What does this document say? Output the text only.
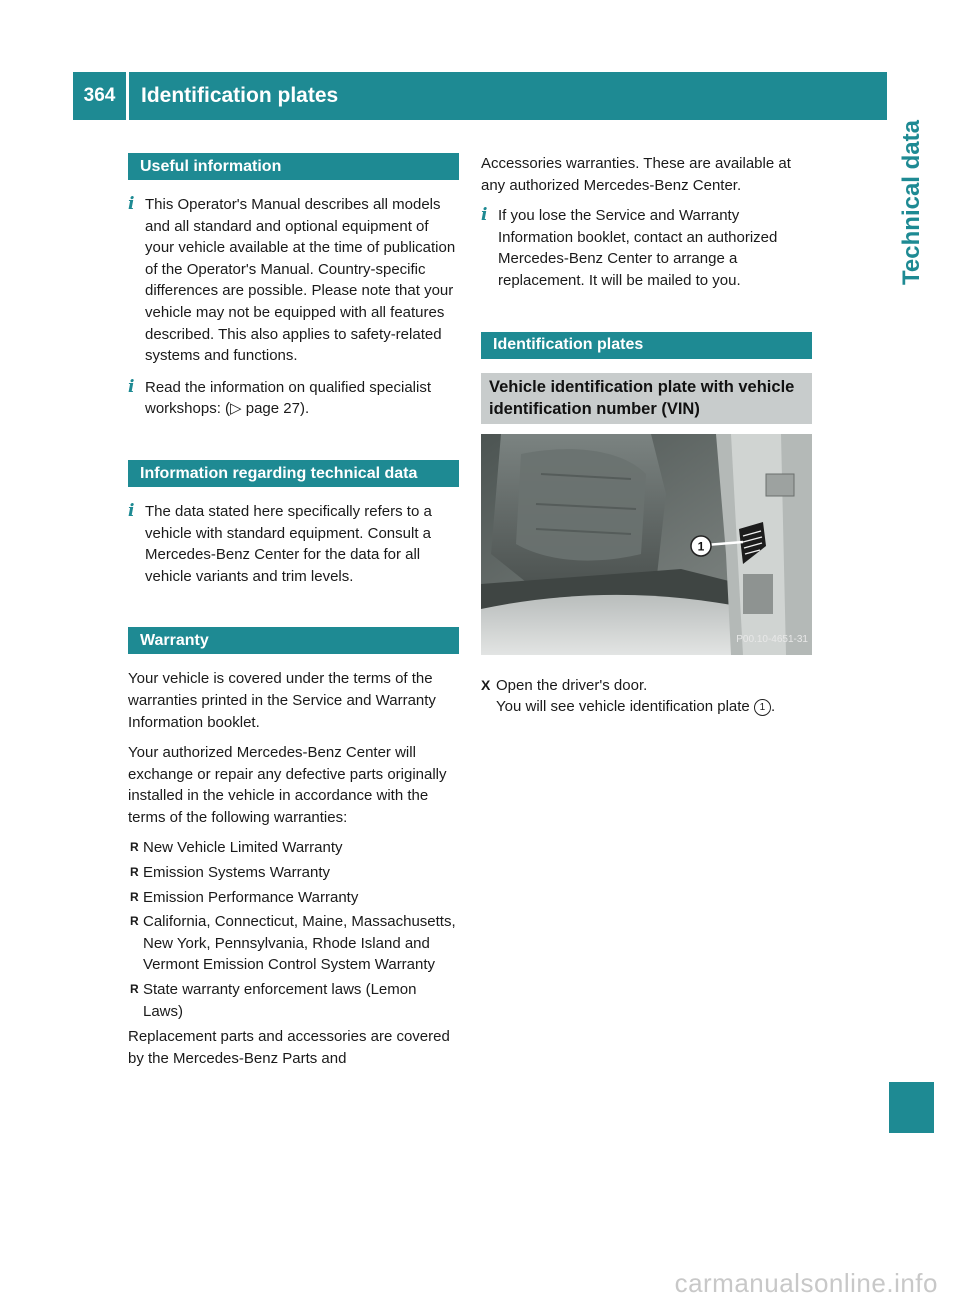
364	Identification plates
Technical data
Useful information
i This Operator's Manual describes all models and all standard and optional equipment of your vehicle available at the time of publication of the Operator's Manual. Country-specific differences are possible. Please note that your vehicle may not be equipped with all features described. This also applies to safety-related systems and functions.
i Read the information on qualified specialist workshops: (▷ page 27).
Information regarding technical data
i The data stated here specifically refers to a vehicle with standard equipment. Consult a Mercedes-Benz Center for the data for all vehicle variants and trim levels.
Warranty

Your vehicle is covered under the terms of the warranties printed in the Service and Warranty Information booklet.

Your authorized Mercedes-Benz Center will exchange or repair any defective parts originally installed in the vehicle in accordance with the terms of the following warranties:

R New Vehicle Limited Warranty
R Emission Systems Warranty
R Emission Performance Warranty
R California, Connecticut, Maine, Massachusetts, New York, Pennsylvania, Rhode Island and Vermont Emission Control System Warranty
R State warranty enforcement laws (Lemon Laws)

Replacement parts and accessories are covered by the Mercedes-Benz Parts and

Accessories warranties. These are available at any authorized Mercedes-Benz Center.

i If you lose the Service and Warranty Information booklet, contact an authorized Mercedes-Benz Center to arrange a replacement. It will be mailed to you.
Identification plates
Vehicle identification plate with vehicle identification number (VIN)
1
P00.10-4651-31
X Open the driver's door.
You will see vehicle identification plate 1 .
carmanualsonline.info
